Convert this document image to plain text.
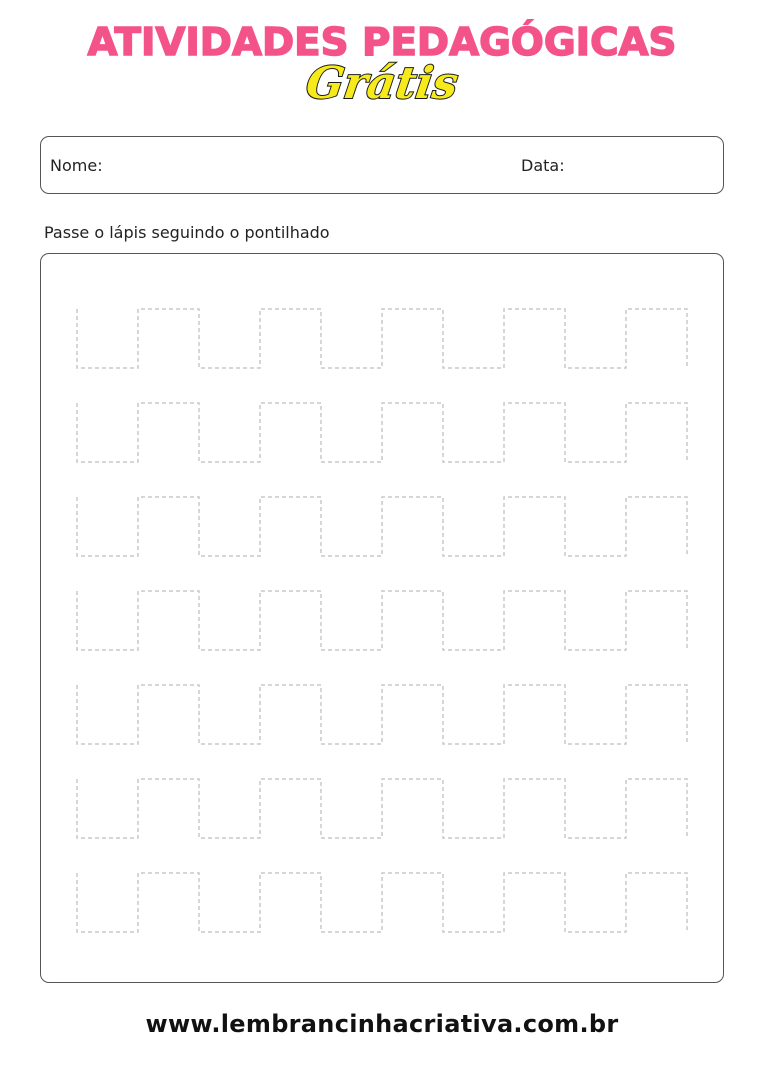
ATIVIDADES PEDAGÓGICAS
Grátis
Nome:	Data:
Passe o lápis seguindo o pontilhado
www.lembrancinhacriativa.com.br
